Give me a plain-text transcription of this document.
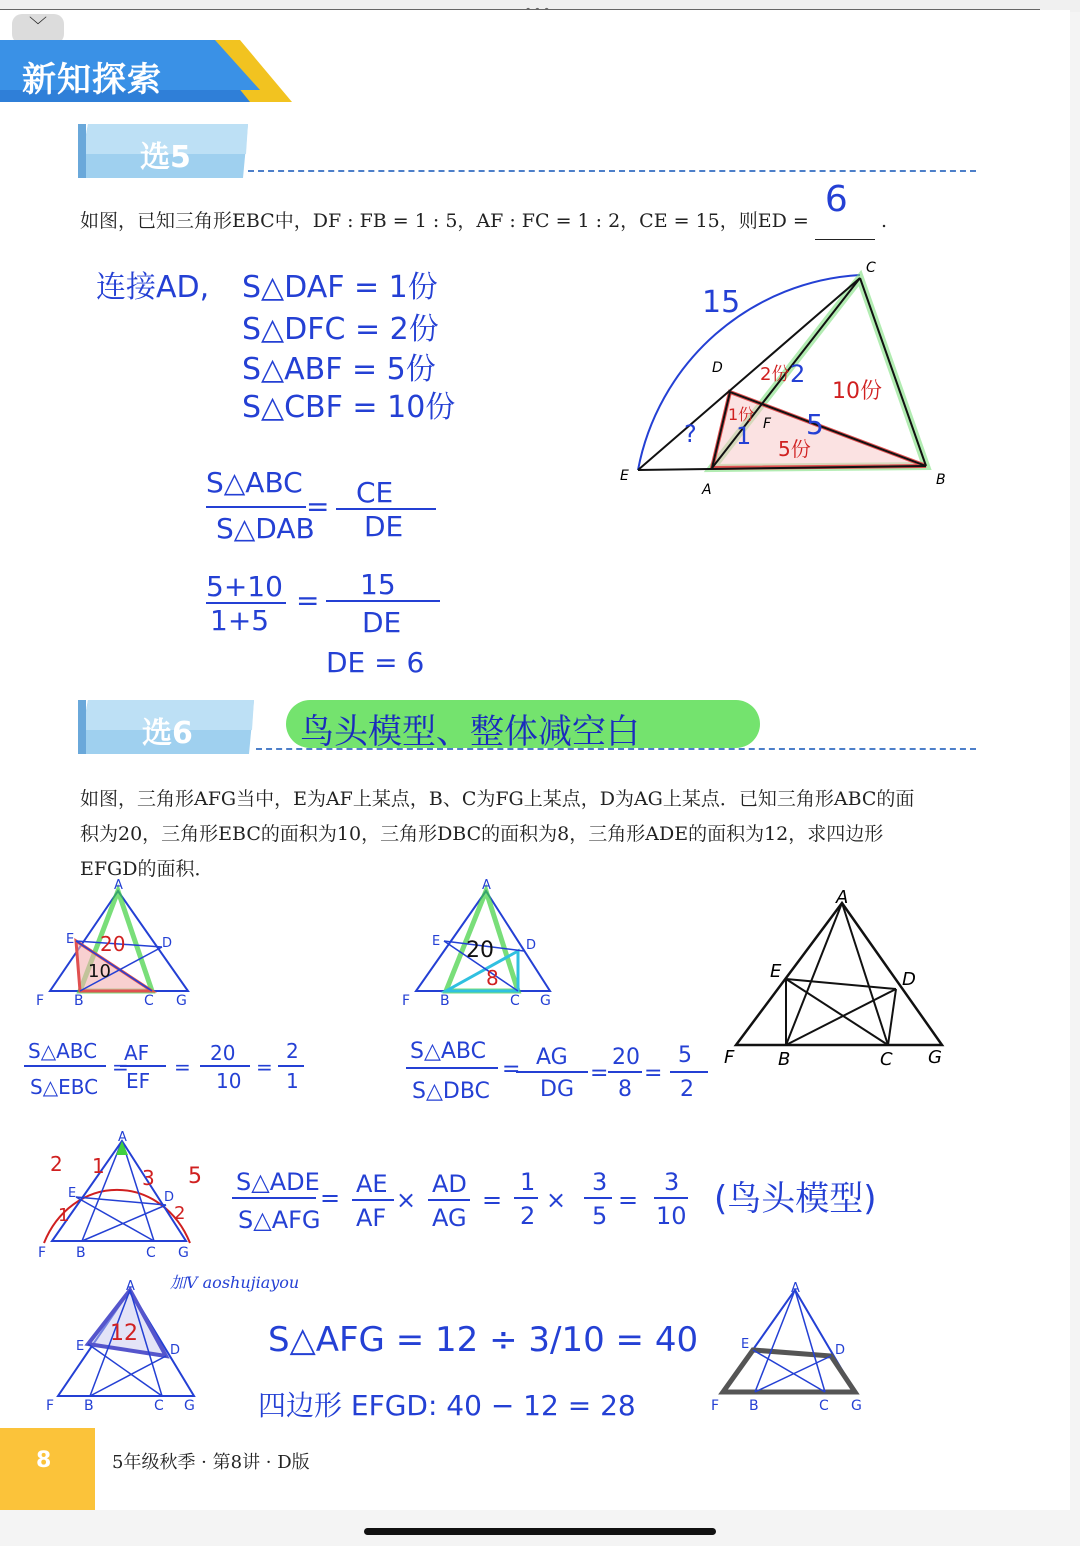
﹀
新知探索
选5
如图，已知三角形EBC中，DF : FB = 1 : 5，AF : FC = 1 : 2，CE = 15，则ED =
6
.
连接AD, S△DAF = 1份
S△DFC = 2份
S△ABF = 5份
S△CBF = 10份
S△ABC
S△DAB
= CE
DE
5+10
1+5
= 15
DE
DE = 6
C
D
F
E
A
B
15
2份 2
10份
1份
1 5
5份
?
选6	鸟头模型、整体减空白
如图，三角形AFG当中，E为AF上某点，B、C为FG上某点，D为AG上某点．已知三角形ABC的面
积为20，三角形EBC的面积为10，三角形DBC的面积为8，三角形ADE的面积为12，求四边形
EFGD的面积．
A
E	D
F B	C G
20
10
A
E	D
F B	C G
20
8
A
E	D
F B	C G
S△ABC
S△EBC
=
AF
EF
=
20
10
=
2
1
S△ABC
S△DBC
= AG
DG
=
20
8
=
5
2
A
E	D
F B	C G
2 1 3 5
2
1
S△ADE
S△AFG
= AE
AF
×
AD
AG
=
1
2
×
3
5
=
3
10 (鸟头模型)
加V aoshujiayou
A
E	D
F B	C G
12	S△AFG = 12 ÷ 3/10 = 40
四边形 EFGD: 40 − 12 = 28
A
E	D
F B	C G
8	5年级秋季 · 第8讲 · D版
